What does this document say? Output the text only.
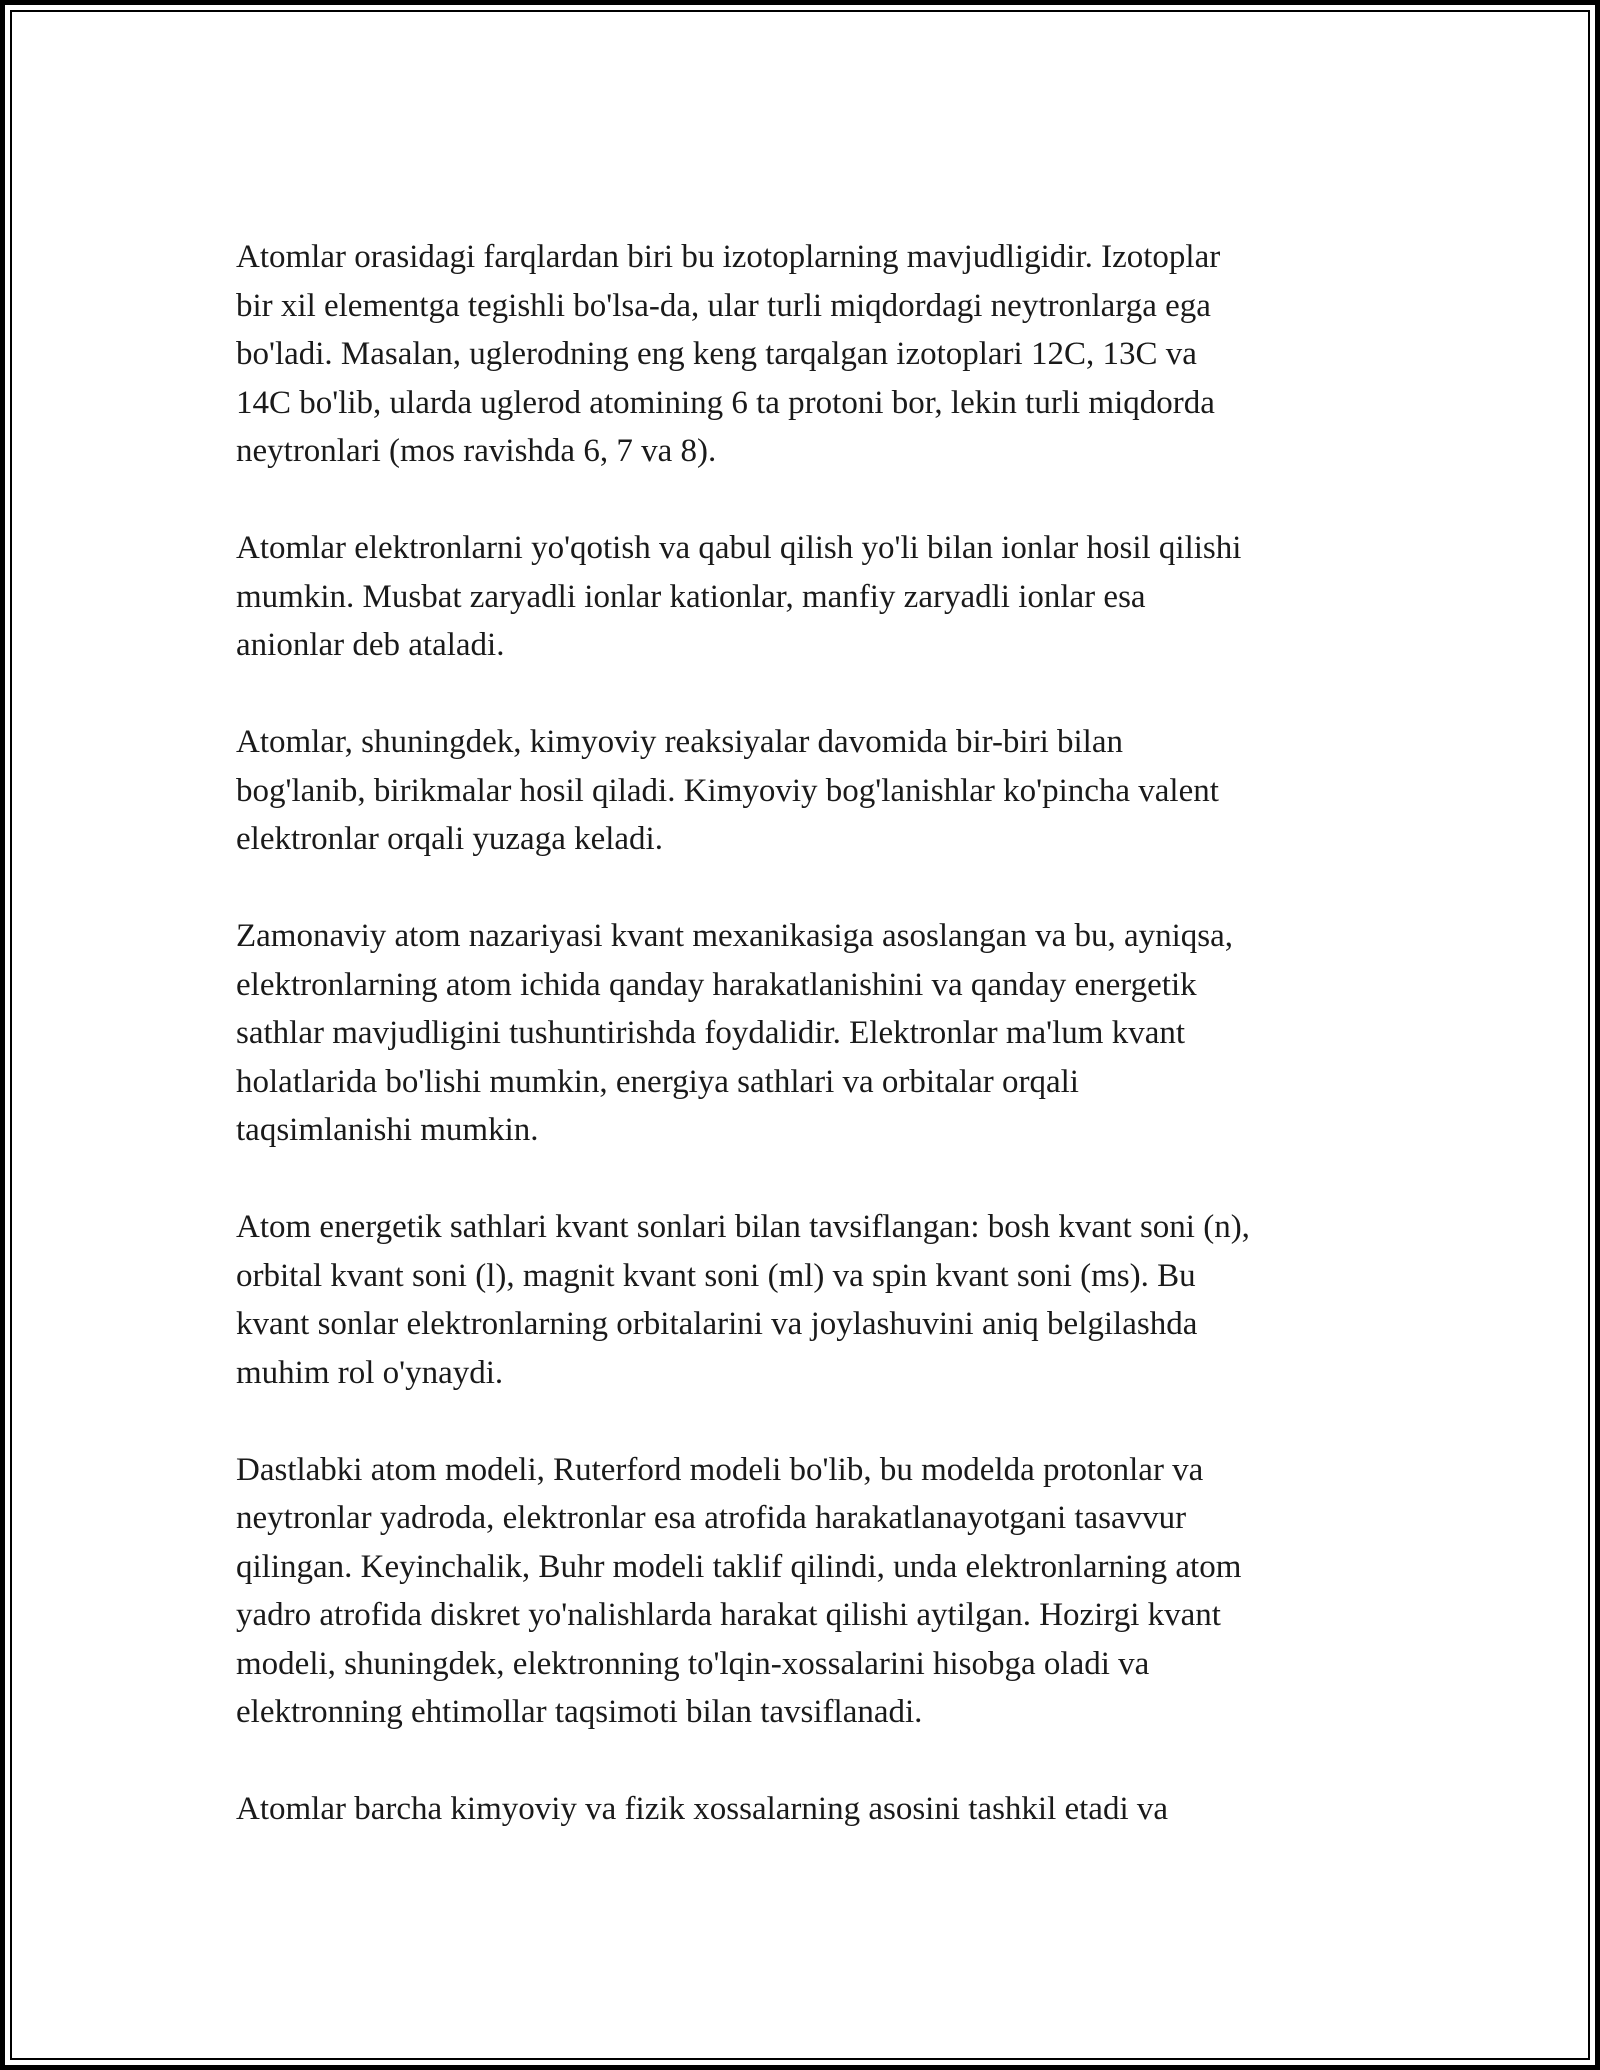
Atomlar orasidagi farqlardan biri bu izotoplarning mavjudligidir. Izotoplar
bir xil elementga tegishli bo'lsa-da, ular turli miqdordagi neytronlarga ega
bo'ladi. Masalan, uglerodning eng keng tarqalgan izotoplari 12C, 13C va
14C bo'lib, ularda uglerod atomining 6 ta protoni bor, lekin turli miqdorda
neytronlari (mos ravishda 6, 7 va 8).

Atomlar elektronlarni yo'qotish va qabul qilish yo'li bilan ionlar hosil qilishi
mumkin. Musbat zaryadli ionlar kationlar, manfiy zaryadli ionlar esa
anionlar deb ataladi.

Atomlar, shuningdek, kimyoviy reaksiyalar davomida bir-biri bilan
bog'lanib, birikmalar hosil qiladi. Kimyoviy bog'lanishlar ko'pincha valent
elektronlar orqali yuzaga keladi.

Zamonaviy atom nazariyasi kvant mexanikasiga asoslangan va bu, ayniqsa,
elektronlarning atom ichida qanday harakatlanishini va qanday energetik
sathlar mavjudligini tushuntirishda foydalidir. Elektronlar ma'lum kvant
holatlarida bo'lishi mumkin, energiya sathlari va orbitalar orqali
taqsimlanishi mumkin.

Atom energetik sathlari kvant sonlari bilan tavsiflangan: bosh kvant soni (n),
orbital kvant soni (l), magnit kvant soni (ml) va spin kvant soni (ms). Bu
kvant sonlar elektronlarning orbitalarini va joylashuvini aniq belgilashda
muhim rol o'ynaydi.

Dastlabki atom modeli, Ruterford modeli bo'lib, bu modelda protonlar va
neytronlar yadroda, elektronlar esa atrofida harakatlanayotgani tasavvur
qilingan. Keyinchalik, Buhr modeli taklif qilindi, unda elektronlarning atom
yadro atrofida diskret yo'nalishlarda harakat qilishi aytilgan. Hozirgi kvant
modeli, shuningdek, elektronning to'lqin-xossalarini hisobga oladi va
elektronning ehtimollar taqsimoti bilan tavsiflanadi.

Atomlar barcha kimyoviy va fizik xossalarning asosini tashkil etadi va
